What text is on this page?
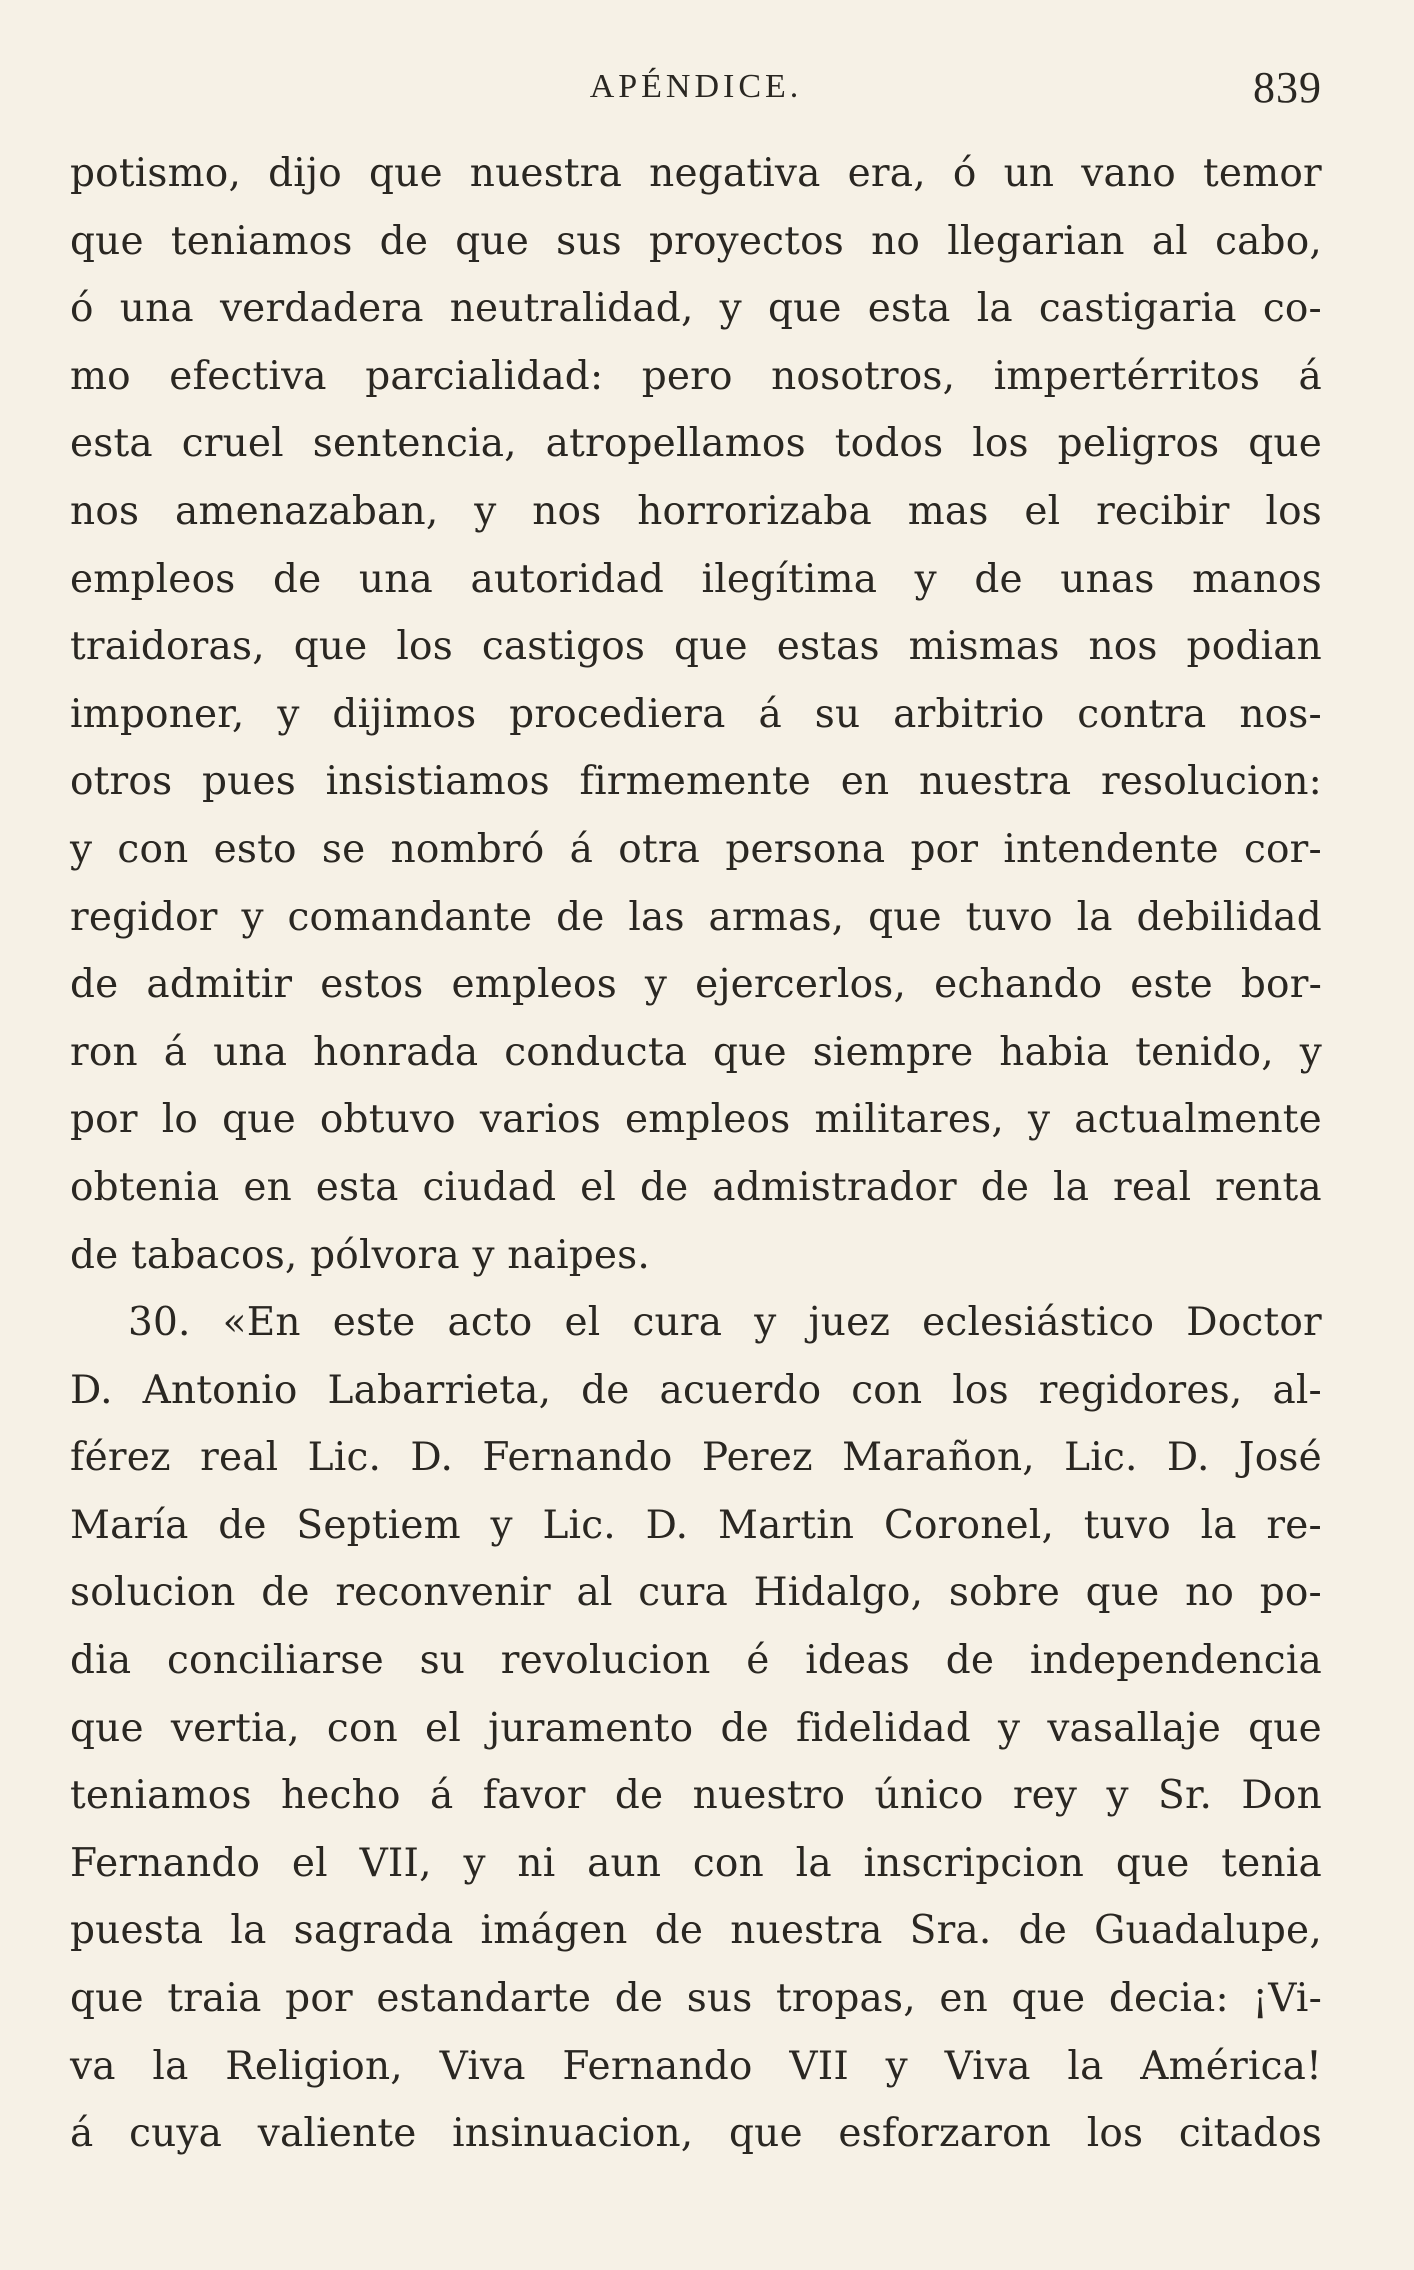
APÉNDICE.	839
potismo, dijo que nuestra negativa era, ó un vano temor
que teniamos de que sus proyectos no llegarian al cabo,
ó una verdadera neutralidad, y que esta la castigaria co-
mo efectiva parcialidad: pero nosotros, impertérritos á
esta cruel sentencia, atropellamos todos los peligros que
nos amenazaban, y nos horrorizaba mas el recibir los
empleos de una autoridad ilegítima y de unas manos
traidoras, que los castigos que estas mismas nos podian
imponer, y dijimos procediera á su arbitrio contra nos-
otros pues insistiamos firmemente en nuestra resolucion:
y con esto se nombró á otra persona por intendente cor-
regidor y comandante de las armas, que tuvo la debilidad
de admitir estos empleos y ejercerlos, echando este bor-
ron á una honrada conducta que siempre habia tenido, y
por lo que obtuvo varios empleos militares, y actualmente
obtenia en esta ciudad el de admistrador de la real renta
de tabacos, pólvora y naipes.
30. «En este acto el cura y juez eclesiástico Doctor
D. Antonio Labarrieta, de acuerdo con los regidores, al-
férez real Lic. D. Fernando Perez Marañon, Lic. D. José
María de Septiem y Lic. D. Martin Coronel, tuvo la re-
solucion de reconvenir al cura Hidalgo, sobre que no po-
dia conciliarse su revolucion é ideas de independencia
que vertia, con el juramento de fidelidad y vasallaje que
teniamos hecho á favor de nuestro único rey y Sr. Don
Fernando el VII, y ni aun con la inscripcion que tenia
puesta la sagrada imágen de nuestra Sra. de Guadalupe,
que traia por estandarte de sus tropas, en que decia: ¡Vi-
va la Religion, Viva Fernando VII y Viva la América!
á cuya valiente insinuacion, que esforzaron los citados
